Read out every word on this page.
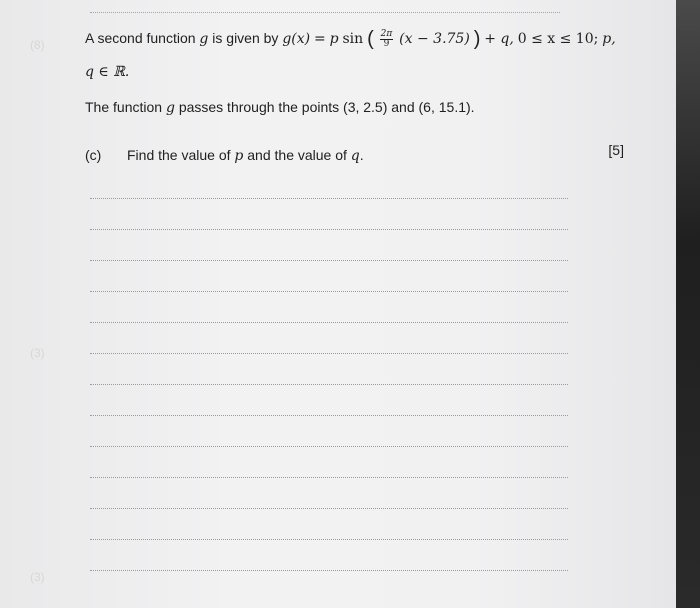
A second function g is given by g(x) = p sin ( $\frac{2\pi}{9} (x - 3.75)$ ) + q, 0 ≤ x ≤ 10; p,
q ∈ ℝ.
The function g passes through the points (3, 2.5) and (6, 15.1).
(c) Find the value of p and the value of q.	[5]
(8)
(3)
(3)
